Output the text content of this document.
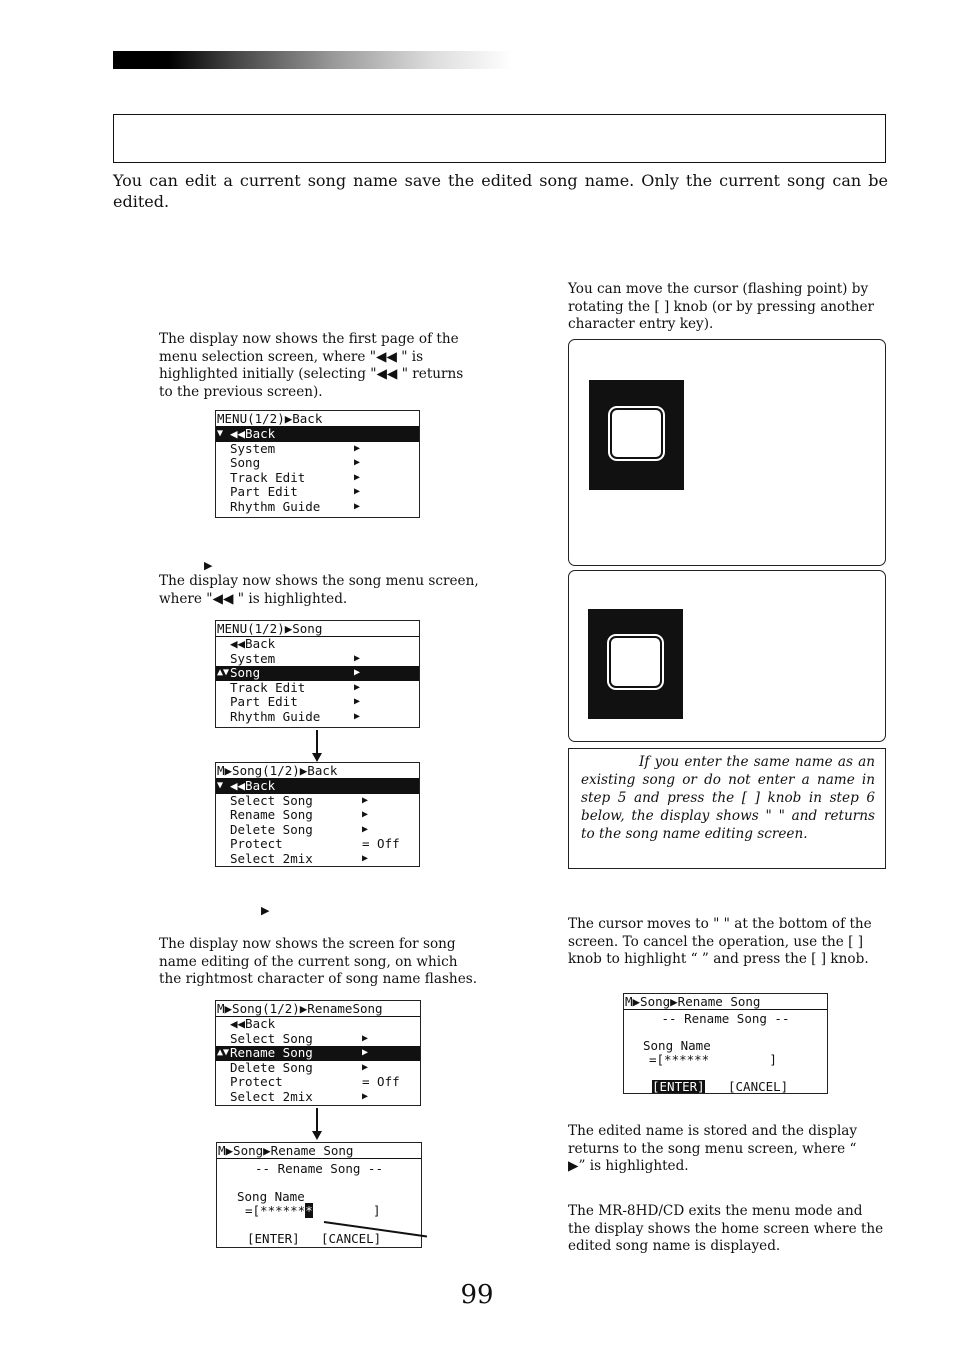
You can edit a current song name save the edited song name. Only the current song can be edited.
The display now shows the first page of the menu selection screen, where "◀◀ " is highlighted initially (selecting "◀◀ " returns to the previous screen).
MENU(1/2)▶Back
▼ ◀◀Back
System	▶
Song	▶
Track Edit	▶
Part Edit	▶
Rhythm Guide	▶
▶
The display now shows the song menu screen, where "◀◀ " is highlighted.
MENU(1/2)▶Song
◀◀Back
System	▶
▲▼ Song	▶
Track Edit	▶
Part Edit	▶
Rhythm Guide	▶
M▶Song(1/2)▶Back
▼ ◀◀Back
Select Song	▶
Rename Song	▶
Delete Song	▶
Protect	= Off
Select 2mix	▶
▶
The display now shows the screen for song name editing of the current song, on which the rightmost character of song name flashes.
M▶Song(1/2)▶RenameSong
◀◀Back
Select Song	▶
▲▼ Rename Song	▶
Delete Song	▶
Protect	= Off
Select 2mix	▶
M▶Song▶Rename Song
-- Rename Song --
Song Name
=[*******        ]
[ENTER] [CANCEL]
You can move the cursor (flashing point) by rotating the [ ] knob (or by pressing another character entry key).
If you enter the same name as an existing song or do not enter a name in step 5 and press the [ ] knob in step 6 below, the display shows " " and returns to the song name editing screen.
The cursor moves to " " at the bottom of the screen. To cancel the operation, use the [ ] knob to highlight “ ” and press the [ ] knob.
M▶Song▶Rename Song
-- Rename Song --
Song Name
=[******        ]
[ENTER] [CANCEL]
The edited name is stored and the display returns to the song menu screen, where “ ▶” is highlighted.
The MR-8HD/CD exits the menu mode and the display shows the home screen where the edited song name is displayed.
99
